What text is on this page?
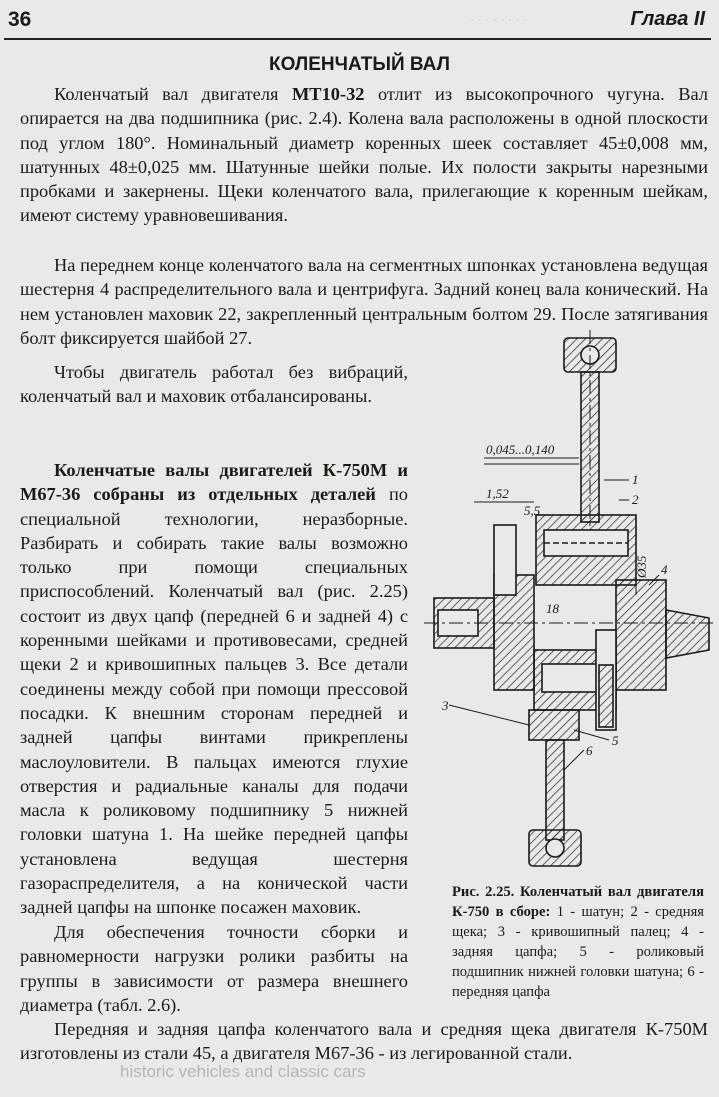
· · · · · · · ·
36	Глава II
КОЛЕНЧАТЫЙ ВАЛ

Коленчатый вал двигателя МТ10-32 отлит из высокопрочного чугуна. Вал опирается на два подшипника (рис. 2.4). Колена вала расположены в одной плоскости под углом 180°. Номинальный диаметр коренных шеек составляет 45±0,008 мм, шатунных 48±0,025 мм. Шатунные шейки полые. Их полости закрыты нарезными пробками и закернены. Щеки коленчатого вала, прилегающие к коренным шейкам, имеют систему уравновешивания.

На переднем конце коленчатого вала на сегментных шпонках установлена ведущая шестерня 4 распределительного вала и центрифуга. Задний конец вала конический. На нем установлен маховик 22, закрепленный центральным болтом 29. После затягивания болт фиксируется шайбой 27.

Чтобы двигатель работал без вибраций, коленчатый вал и маховик отбалансированы.

Коленчатые валы двигателей К-750М и М67-36 собраны из отдельных деталей по специальной технологии, неразборные. Разбирать и собирать такие валы возможно только при помощи специальных приспособлений. Коленчатый вал (рис. 2.25) состоит из двух цапф (передней 6 и задней 4) с коренными шейками и противовесами, средней щеки 2 и кривошипных пальцев 3. Все детали соединены между собой при помощи прессовой посадки. К внешним сторонам передней и задней цапфы винтами прикреплены маслоуловители. В пальцах имеются глухие отверстия и радиальные каналы для подачи масла к роликовому подшипнику 5 нижней головки шатуна 1. На шейке передней цапфы установлена ведущая шестерня газораспределителя, а на конической части задней цапфы на шпонке посажен маховик.

Для обеспечения точности сборки и равномерности нагрузки ролики разбиты на группы в зависимости от размера внешнего диаметра (табл. 2.6).

Передняя и задняя цапфа коленчатого вала и средняя щека двигателя К-750М изготовлены из стали 45, а двигателя М67-36 - из легированной стали.

0,045...0,140
1,52
5,5
18
Ø35
1
2
3
4
5
6
Рис. 2.25. Коленчатый вал двигателя К-750 в сборе: 1 - шатун; 2 - средняя щека; 3 - кривошипный палец; 4 - задняя цапфа; 5 - роликовый подшипник нижней головки шатуна; 6 - передняя цапфа
historic vehicles and classic cars
